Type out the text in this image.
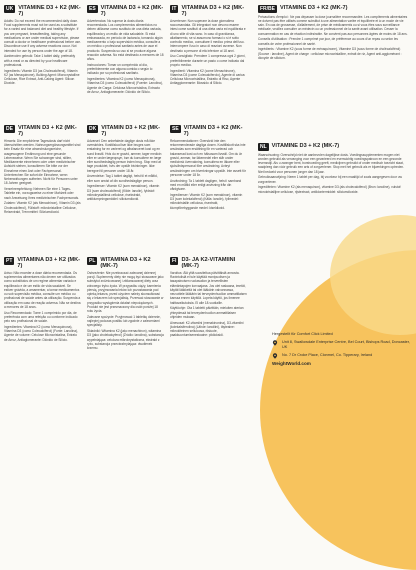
UK VITAMINE D3 + K2 (MK-7)

Adults: Do not exceed the recommended daily dose. Food supplements must not be used as a substitute for a varied and balanced diet and healthy lifestyle. If you are pregnant, breastfeeding, taking any medications or are under medical supervision, please consult a doctor or healthcare professional before use. Discontinue use if any adverse reactions occur. Not intended for use by persons under the age of 18.

Aanbevolen gebruik: Take 1 tablet daily, preferably with a meal or as directed by your healthcare professional.

Ingredients: Vitamin D3 (as Cholecalciferol), Vitamin K2 (as Menaquinone), Bulking Agent: Microcrystalline Cellulose, Rice Extract, Anti-Caking Agent: Silicon Dioxide.

DE VITAMIN D3 + K2 (MK-7)

Hinweis: Die empfohlene Tagesdosis darf nicht überschritten werden. Nahrungsergänzungsmittel sind kein Ersatz für eine abwechslungsreiche, ausgewogene Ernährung und eine gesunde Lebensweise. Wenn Sie schwanger sind, stillen, Medikamente einnehmen oder unter medizinischer Aufsicht stehen, konsultieren Sie bitte vor der Einnahme einen Arzt oder Fachpersonal. Unterbrechen Sie sofort die Einnahme, wenn Nebenwirkungen auftreten. Nicht für Personen unter 18 Jahren geeignet.

Verzehrempfehlung: Nehmen Sie eine 1 Tages-Tablette ein, vorzugsweise zu einer Mahlzeit oder nach Anweisung Ihres medizinischen Fachpersonals.

Zutaten: Vitamin K2 (als Menachinon), Vitamin D3 (als Cholecalciferol), Füllstoff: mikrokristalline Cellulose, Reisextrakt, Trennmittel: Siliziumdioxid.

PT VITAMINA D3 + K2 (MK-7)

Aviso: Não exceder a dose diária recomendada. Os suplementos alimentares não devem ser utilizados como substitutos de um regime alimentar variado e equilibrado e de um estilo de vida saudável. Se estiver grávida, a amamentar, a tomar medicamentos ou sob supervisão médica, consulte um médico ou profissional de saúde antes da utilização. Suspenda a utilização em caso de reação adversa. Não se destina a menores de 18 anos.

Uso Recomendado: Tome 1 comprimido por dia, de preferência com uma refeição ou conforme indicado pelo seu profissional de saúde.

Ingredientes: Vitamina K2 (como Menaquinona), Vitamina D3 (como Colecalciferol) (Fonte: Lanolina), Agente de volume: Celulose Microcristalina, Extrato de Arroz, Antiaglomerante: Dióxido de Silício.

ES VITAMINA D3 + K2 (MK-7)

Advertencias: No superar la dosis diaria recomendada. Los complementos alimenticios no deben utilizarse como sustituto de una dieta variada, equilibrada y un estilo de vida saludable. Si está embarazada, en período de lactancia, tomando algún medicamento o bajo supervisión médica, consulte a un médico o profesional sanitario antes de usar el producto. Suspenda su uso si se produce alguna reacción adversa. No está destinado a menores de 18 años.

Instrucciones: Tomar un comprimido al día, preferiblemente con alguna comida o según lo indicado por su profesional sanitario.

Ingredientes: Vitamina K2 (como Menaquinona), Vitamina D3 (como Colecalciferol) (Fuente: Lanolina), Agente de Carga: Celulosa Microcristalina, Extracto de Arroz, Antiaglomerante: Dióxido de Silicio.

DK VITAMIN D3 + K2 (MK-7)

Advarsel: Den anbefalede daglige dosis må ikke overskrides. Kosttilskud bør ikke bruges som erstatning for en varieret og afbalanceret kost og en sund livsstil. Hvis du er gravid, ammer, tager medicin eller er under lægeopsyn, bør du konsultere en læge eller sundhedsfaglig person inden brug. Stop med at tage produktet, hvis der opstår bivirkninger. Ikke beregnet til personer under 18 år.

Anvendelse: Tag 1 tablet dagligt, helst til et måltid, eller som anvist af din sundhedsfaglige person.

Ingredienser: Vitamin K2 (som menakinon), vitamin D3 (som cholecalciferol) (Kilde: lanolin), fyldstof: mikrokrystallinsk cellulose, risekstrakt, antiklumpningsmiddel: siliciumdioxid.

PL WITAMINA D3 + K2 (MK-7)

Ostrzeżenie: Nie przekraczać zalecanej dziennej porcji. Suplementy diety nie mogą być stosowane jako substytut zróżnicowanej i zbilansowanej diety oraz zdrowego trybu życia. W przypadku ciąży, karmienia piersią, przyjmowania leków lub pozostawania pod opieką lekarza, przed użyciem należy skonsultować się z lekarzem lub specjalistą. Przerwać stosowanie w przypadku wystąpienia działań niepożądanych. Produkt nie jest przeznaczony dla osób poniżej 18 roku życia.

Zalecane spożycie: Przyjmować 1 tabletkę dziennie, najlepiej podczas posiłku lub zgodnie z zaleceniami specjalisty.

Składniki: Witamina K2 (jako menachinon), witamina D3 (jako cholekalcyferol) (Źródło: lanolina), substancja wypełniająca: celuloza mikrokrystaliczna, ekstrakt z ryżu, substancja przeciwzbrylająca: dwutlenek krzemu.

IT VITAMINA D3 + K2 (MK-7)

Avvertenze: Non superare la dose giornaliera raccomandata. Gli integratori non devono essere intesi come sostituti di una dieta varia ed equilibrata e di uno stile di vita sano. In caso di gravidanza, allattamento, se si assumono farmaci o si è sotto controllo medico, consultare il medico prima dell'uso. Interrompere l'uso in caso di reazioni avverse. Non destinato a persone di età inferiore ai 18 anni.

Uso Consigliato: Prendere 1 compressa ogni 2 giorni, preferibilmente durante un pasto o come indicato dal proprio medico.

Ingredienti: Vitamina K2 (come Menachinone), Vitamina D3 (come Colecalciferolo), Agente di carica: Cellulosa Microcristallina, Estratto di Riso, Agente Antiagglomerante: Biossido di Silicio.

SE VITAMIN D3 + K2 (MK-7)

Rekommendationer: Överskrid inte den rekommenderade dagliga dosen. Kosttillskott ska inte användas som ersättning för en varierad och balanserad kost och en hälsosam livsstil. Om du är gravid, ammar, tar läkemedel eller står under medicinsk övervakning, konsultera en läkare eller sjukvårdspersonal före användning. Avbryt användningen om biverkningar uppstår. Inte avsett för personer under 18 år.

Användning: Ta 1 tablett dagligen, helst i samband med en måltid eller enligt anvisning från din vårdgivare.

Ingredienser: Vitamin K2 (som menakinon), vitamin D3 (som kolekalciferol) (Källa: lanolin), fyllmedel: mikrokristallin cellulosa, risextrakt, klumpförebyggande medel: kiseldioxid.

FI D3- JA K2-VITAMIINI (MK-7)

Varoitus: Älä ylitä suositeltua päivittäistä annosta. Ravintolisiä ei tule käyttää monipuolisen ja tasapainoisen ruokavalion ja terveellisten elämäntapojen korvaajana. Jos olet raskaana, imetät, käytät lääkkeitä tai olet lääkärin valvonnassa, neuvottele lääkärin tai terveydenhuollon ammattilaisen kanssa ennen käyttöä. Lopeta käyttö, jos ilmenee haittavaikutuksia. Ei alle 18-vuotiaille.

Käyttöohje: Ota 1 tabletti päivittäin, mieluiten aterian yhteydessä tai terveydenhuollon ammattilaisen ohjeiden mukaan.

Ainesosat: K2-vitamiini (menakinonina), D3-vitamiini (kolekalsiferolina) (Lähde: lanoliini), täyteaine: mikrokiteinen selluloosa, riisiuute, paakkuuntumisenestoaine: piidioksidi.

FR/BE VITAMINE D3 + K2 (MK-7)

Précautions d'emploi : Ne pas dépasser la dose journalière recommandée. Les compléments alimentaires ne doivent pas être utilisés comme substitut à une alimentation variée et équilibrée et à un mode de vie sain. En cas de grossesse, d'allaitement, de prise de médicaments ou si vous êtes sous surveillance médicale, veuillez consulter un médecin ou un professionnel de la santé avant utilisation. Cesser la consommation en cas de réaction indésirable. Ne convient pas aux personnes âgées de moins de 18 ans.

Conseils d'utilisation : Prendre 1 comprimé par jour, de préférence au cours d'un repas ou selon les conseils de votre professionnel de santé.

Ingrédients : Vitamine K2 (sous forme de ménaquinone), Vitamine D3 (sous forme de cholécalciférol) (Source : lanoline), Agent de charge : cellulose microcristalline, extrait de riz, Agent anti-agglomérant : dioxyde de silicium.

NL VITAMINE D3 + K2 (MK-7)

Waarschuwing: Overschrijd niet de aanbevolen dagelijkse dosis. Voedingssupplementen mogen niet worden gebruikt als vervanging voor een gevarieerd en evenwichtig voedingspatroon en een gezonde levensstijl. Als u zwanger bent, borstvoeding geeft, medicijnen gebruikt of onder medisch toezicht staat, raadpleeg dan vóór gebruik een arts of zorgverlener. Stop met het gebruik als er bijwerkingen optreden. Niet bedoeld voor personen jonger dan 18 jaar.

Gebruiksaanwijzing: Neem 1 tablet per dag, bij voorkeur bij een maaltijd of zoals aangegeven door uw zorgverlener.

Ingrediënten: Vitamine K2 (als menaquinon), vitamine D3 (als cholecalciferol) (Bron: lanoline), vulstof: microkristallijne cellulose, rijstextract, antiklontermiddel: siliciumdioxide.

Hergestellt für Comfort Click Limited
Unit 8, Swallowdale Enterprise Centre, Bel Court, Bishops Road, Doncaster, UK
No. 7 Dr Croke Place, Clonmel, Co. Tipperary, Ireland
WeightWorld.com
